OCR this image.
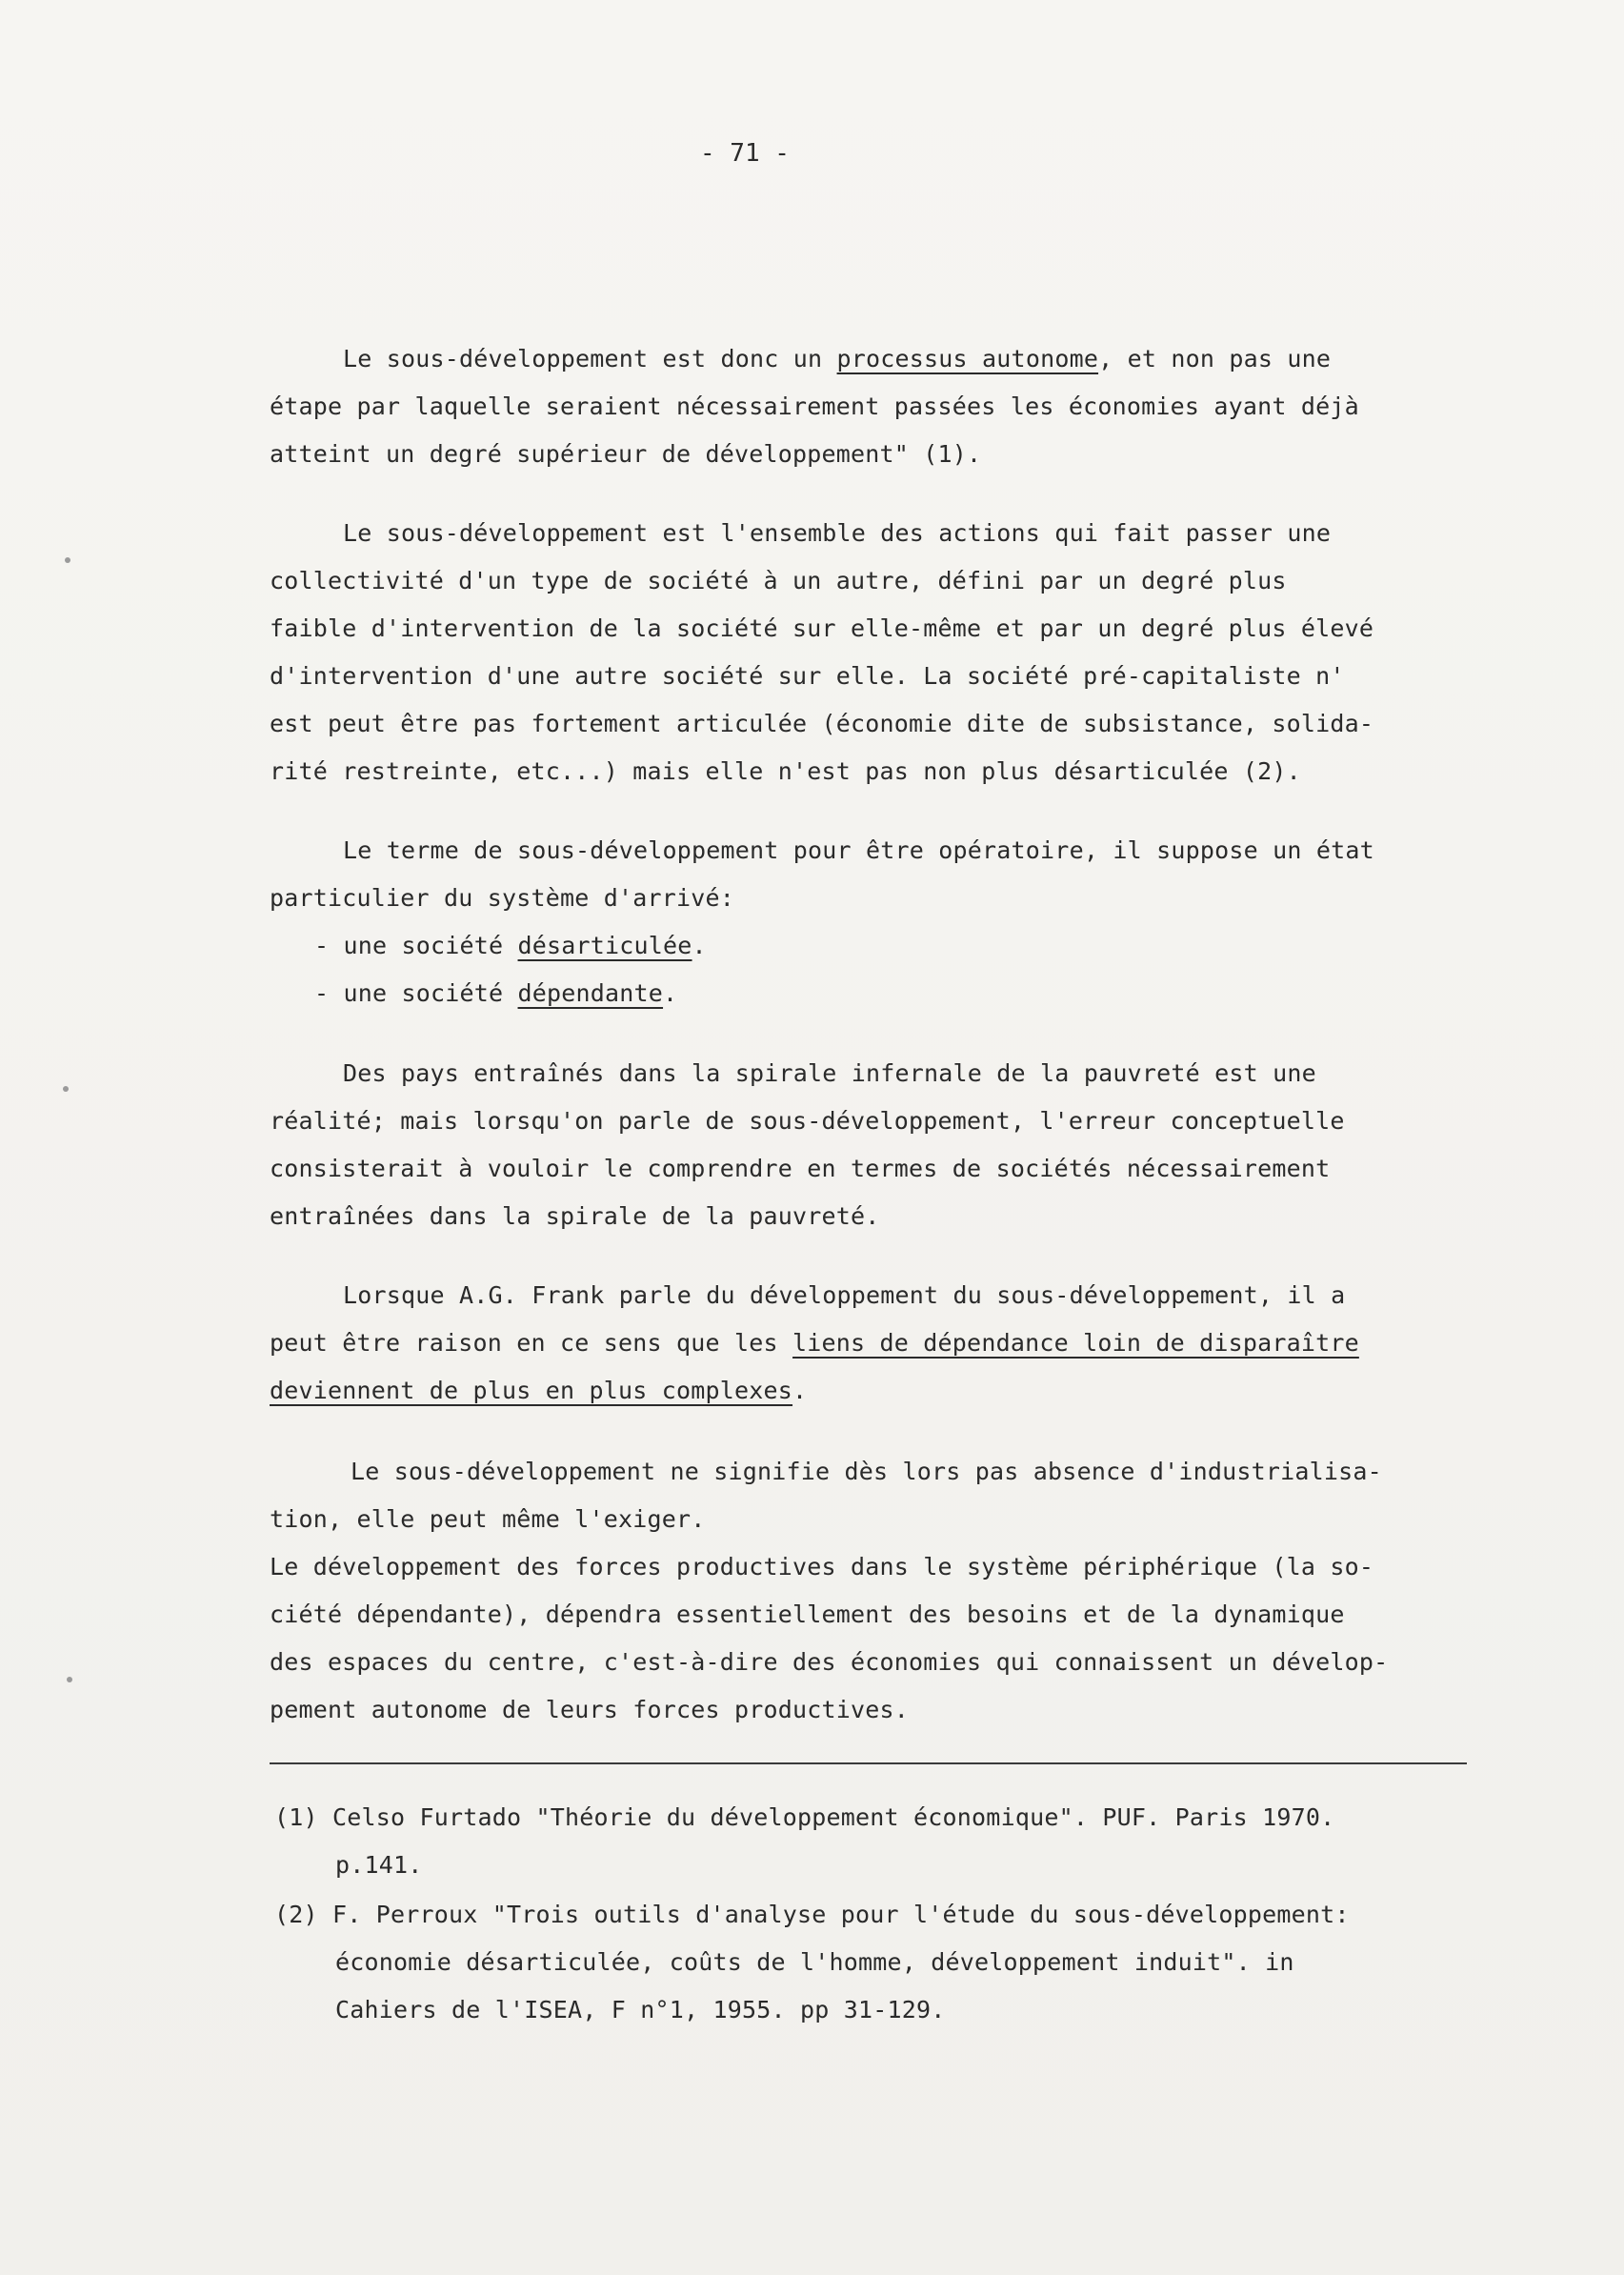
- 71 -
Le sous-développement est donc un processus autonome, et non pas une
étape par laquelle seraient nécessairement passées les économies ayant déjà
atteint un degré supérieur de développement" (1).
Le sous-développement est l'ensemble des actions qui fait passer une
collectivité d'un type de société à un autre, défini par un degré plus
faible d'intervention de la société sur elle-même et par un degré plus élevé
d'intervention d'une autre société sur elle. La société pré-capitaliste n'
est peut être pas fortement articulée (économie dite de subsistance, solida-
rité restreinte, etc...) mais elle n'est pas non plus désarticulée (2).
Le terme de sous-développement pour être opératoire, il suppose un état
particulier du système d'arrivé:
- une société désarticulée.
- une société dépendante.
Des pays entraînés dans la spirale infernale de la pauvreté est une
réalité; mais lorsqu'on parle de sous-développement, l'erreur conceptuelle
consisterait à vouloir le comprendre en termes de sociétés nécessairement
entraînées dans la spirale de la pauvreté.
Lorsque A.G. Frank parle du développement du sous-développement, il a
peut être raison en ce sens que les liens de dépendance loin de disparaître
deviennent de plus en plus complexes.
Le sous-développement ne signifie dès lors pas absence d'industrialisa-
tion, elle peut même l'exiger.
Le développement des forces productives dans le système périphérique (la so-
ciété dépendante), dépendra essentiellement des besoins et de la dynamique
des espaces du centre, c'est-à-dire des économies qui connaissent un dévelop-
pement autonome de leurs forces productives.
(1) Celso Furtado "Théorie du développement économique". PUF. Paris 1970.
p.141.
(2) F. Perroux "Trois outils d'analyse pour l'étude du sous-développement:
économie désarticulée, coûts de l'homme, développement induit". in
Cahiers de l'ISEA, F n°1, 1955. pp 31-129.
